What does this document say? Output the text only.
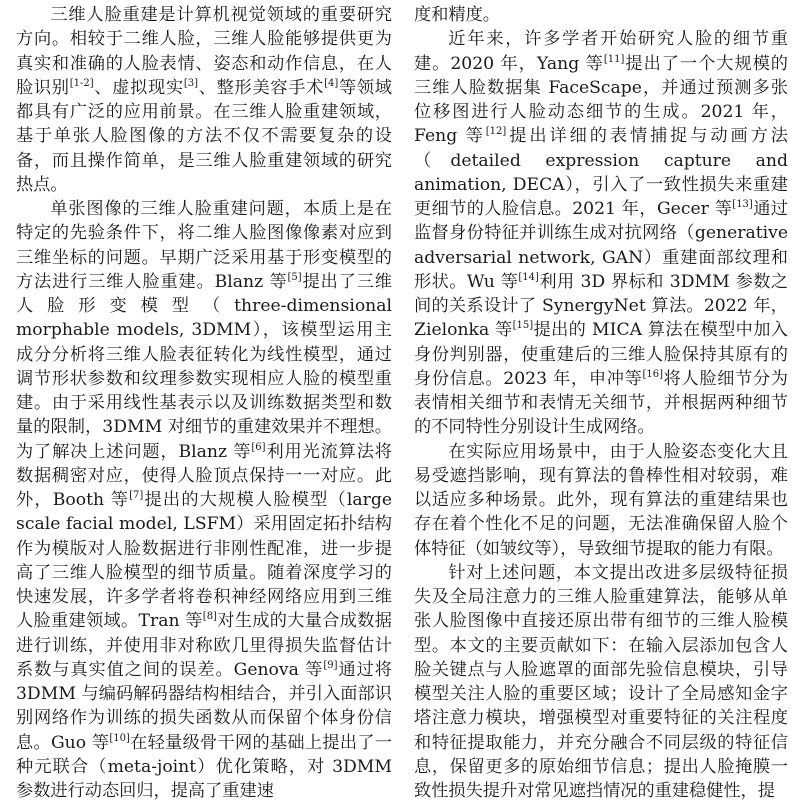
三维人脸重建是计算机视觉领域的重要研究方向。相较于二维人脸，三维人脸能够提供更为真实和准确的人脸表情、姿态和动作信息，在人脸识别[1-2]、虚拟现实[3]、整形美容手术[4]等领域都具有广泛的应用前景。在三维人脸重建领域，基于单张人脸图像的方法不仅不需要复杂的设备，而且操作简单，是三维人脸重建领域的研究热点。

单张图像的三维人脸重建问题，本质上是在特定的先验条件下，将二维人脸图像像素对应到三维坐标的问题。早期广泛采用基于形变模型的方法进行三维人脸重建。Blanz 等[5]提出了三维人脸形变模型（three-dimensional morphable models, 3DMM），该模型运用主成分分析将三维人脸表征转化为线性模型，通过调节形状参数和纹理参数实现相应人脸的模型重建。由于采用线性基表示以及训练数据类型和数量的限制，3DMM 对细节的重建效果并不理想。为了解决上述问题，Blanz 等[6]利用光流算法将数据稠密对应，使得人脸顶点保持一一对应。此外，Booth 等[7]提出的大规模人脸模型（large scale facial model, LSFM）采用固定拓扑结构作为模版对人脸数据进行非刚性配准，进一步提高了三维人脸模型的细节质量。随着深度学习的快速发展，许多学者将卷积神经网络应用到三维人脸重建领域。Tran 等[8]对生成的大量合成数据进行训练，并使用非对称欧几里得损失监督估计系数与真实值之间的误差。Genova 等[9]通过将 3DMM 与编码解码器结构相结合，并引入面部识别网络作为训练的损失函数从而保留个体身份信息。Guo 等[10]在轻量级骨干网的基础上提出了一种元联合（meta-joint）优化策略，对 3DMM 参数进行动态回归，提高了重建速

度和精度。

近年来，许多学者开始研究人脸的细节重建。2020 年，Yang 等[11]提出了一个大规模的三维人脸数据集 FaceScape，并通过预测多张位移图进行人脸动态细节的生成。2021 年，Feng 等[12]提出详细的表情捕捉与动画方法（detailed expression capture and animation, DECA），引入了一致性损失来重建更细节的人脸信息。2021 年，Gecer 等[13]通过监督身份特征并训练生成对抗网络（generative adversarial network, GAN）重建面部纹理和形状。Wu 等[14]利用 3D 界标和 3DMM 参数之间的关系设计了 SynergyNet 算法。2022 年，Zielonka 等[15]提出的 MICA 算法在模型中加入身份判别器，使重建后的三维人脸保持其原有的身份信息。2023 年，申冲等[16]将人脸细节分为表情相关细节和表情无关细节，并根据两种细节的不同特性分别设计生成网络。

在实际应用场景中，由于人脸姿态变化大且易受遮挡影响，现有算法的鲁棒性相对较弱，难以适应多种场景。此外，现有算法的重建结果也存在着个性化不足的问题，无法准确保留人脸个体特征（如皱纹等），导致细节提取的能力有限。

针对上述问题，本文提出改进多层级特征损失及全局注意力的三维人脸重建算法，能够从单张人脸图像中直接还原出带有细节的三维人脸模型。本文的主要贡献如下：在输入层添加包含人脸关键点与人脸遮罩的面部先验信息模块，引导模型关注人脸的重要区域；设计了全局感知金字塔注意力模块，增强模型对重要特征的关注程度和特征提取能力，并充分融合不同层级的特征信息，保留更多的原始细节信息；提出人脸掩膜一致性损失提升对常见遮挡情况的重建稳健性，提
